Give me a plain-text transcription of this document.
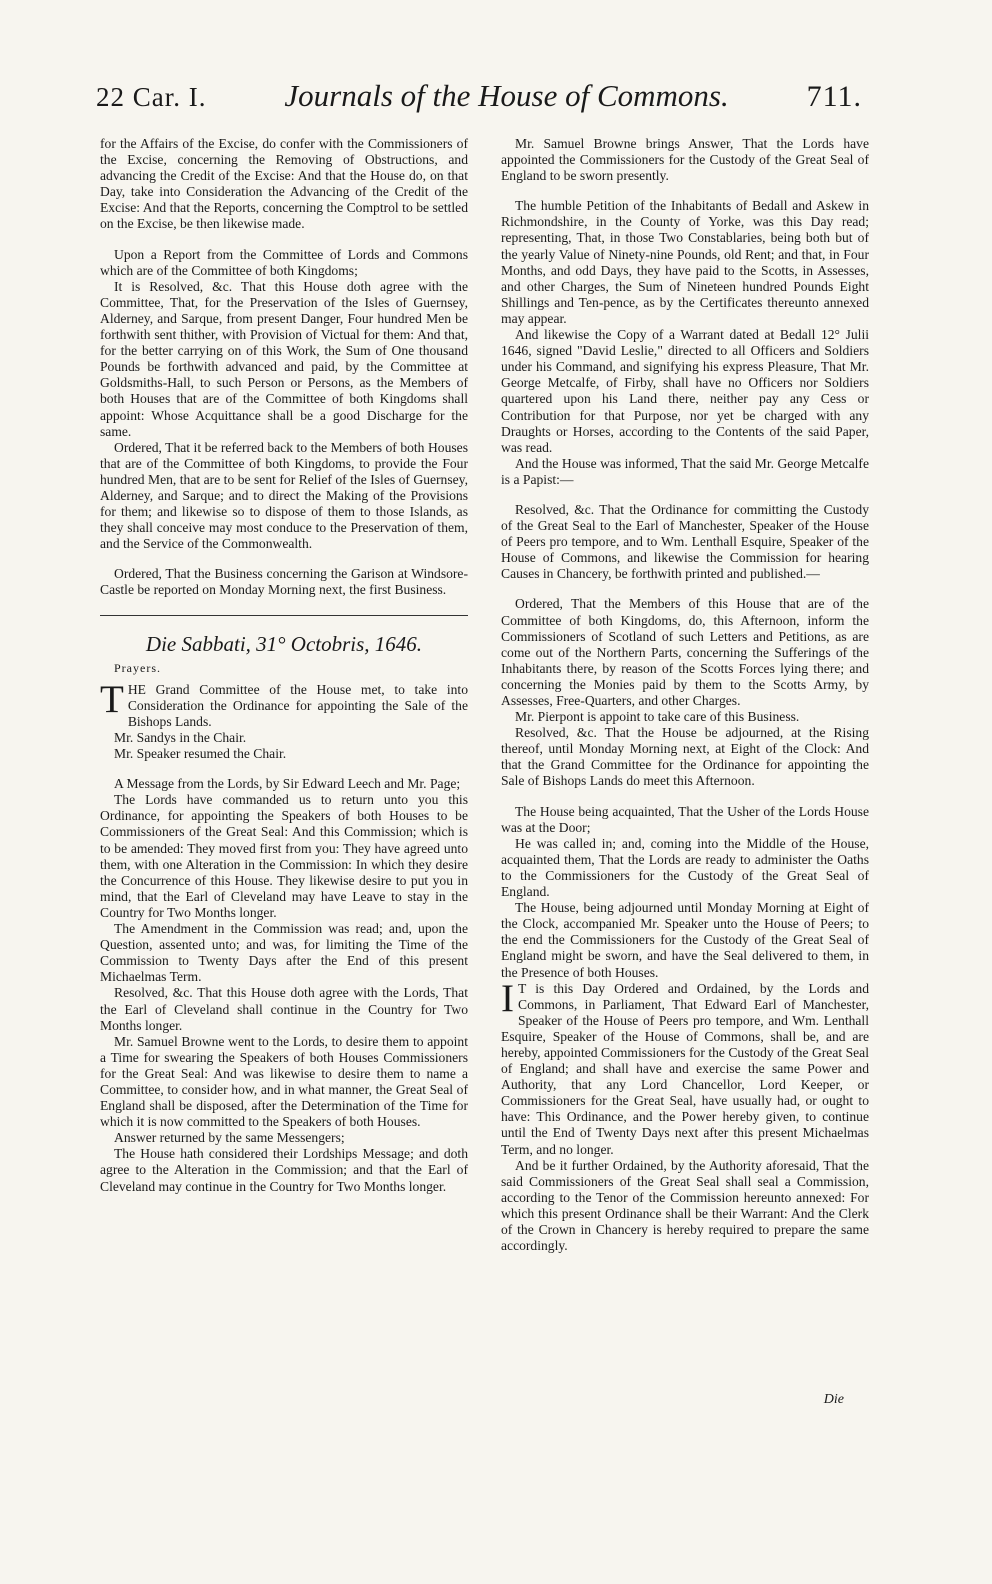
22 Car. I.	Journals of the House of Commons.	711.

for the Affairs of the Excise, do confer with the Commissioners of the Excise, concerning the Removing of Obstructions, and advancing the Credit of the Excise: And that the House do, on that Day, take into Consideration the Advancing of the Credit of the Excise: And that the Reports, concerning the Comptrol to be settled on the Excise, be then likewise made.

Upon a Report from the Committee of Lords and Commons which are of the Committee of both Kingdoms;

It is Resolved, &c. That this House doth agree with the Committee, That, for the Preservation of the Isles of Guernsey, Alderney, and Sarque, from present Danger, Four hundred Men be forthwith sent thither, with Provision of Victual for them: And that, for the better carrying on of this Work, the Sum of One thousand Pounds be forthwith advanced and paid, by the Committee at Goldsmiths-Hall, to such Person or Persons, as the Members of both Houses that are of the Committee of both Kingdoms shall appoint: Whose Acquittance shall be a good Discharge for the same.

Ordered, That it be referred back to the Members of both Houses that are of the Committee of both Kingdoms, to provide the Four hundred Men, that are to be sent for Relief of the Isles of Guernsey, Alderney, and Sarque; and to direct the Making of the Provisions for them; and likewise so to dispose of them to those Islands, as they shall conceive may most conduce to the Preservation of them, and the Service of the Commonwealth.

Ordered, That the Business concerning the Garison at Windsore-Castle be reported on Monday Morning next, the first Business.

Die Sabbati, 31° Octobris, 1646.
Prayers.

THE Grand Committee of the House met, to take into Consideration the Ordinance for appointing the Sale of the Bishops Lands.

Mr. Sandys in the Chair.

Mr. Speaker resumed the Chair.

A Message from the Lords, by Sir Edward Leech and Mr. Page;

The Lords have commanded us to return unto you this Ordinance, for appointing the Speakers of both Houses to be Commissioners of the Great Seal: And this Commission; which is to be amended: They moved first from you: They have agreed unto them, with one Alteration in the Commission: In which they desire the Concurrence of this House. They likewise desire to put you in mind, that the Earl of Cleveland may have Leave to stay in the Country for Two Months longer.

The Amendment in the Commission was read; and, upon the Question, assented unto; and was, for limiting the Time of the Commission to Twenty Days after the End of this present Michaelmas Term.

Resolved, &c. That this House doth agree with the Lords, That the Earl of Cleveland shall continue in the Country for Two Months longer.

Mr. Samuel Browne went to the Lords, to desire them to appoint a Time for swearing the Speakers of both Houses Commissioners for the Great Seal: And was likewise to desire them to name a Committee, to consider how, and in what manner, the Great Seal of England shall be disposed, after the Determination of the Time for which it is now committed to the Speakers of both Houses.

Answer returned by the same Messengers;

The House hath considered their Lordships Message; and doth agree to the Alteration in the Commission; and that the Earl of Cleveland may continue in the Country for Two Months longer.

Mr. Samuel Browne brings Answer, That the Lords have appointed the Commissioners for the Custody of the Great Seal of England to be sworn presently.

The humble Petition of the Inhabitants of Bedall and Askew in Richmondshire, in the County of Yorke, was this Day read; representing, That, in those Two Constablaries, being both but of the yearly Value of Ninety-nine Pounds, old Rent; and that, in Four Months, and odd Days, they have paid to the Scotts, in Assesses, and other Charges, the Sum of Nineteen hundred Pounds Eight Shillings and Ten-pence, as by the Certificates thereunto annexed may appear.

And likewise the Copy of a Warrant dated at Bedall 12° Julii 1646, signed "David Leslie," directed to all Officers and Soldiers under his Command, and signifying his express Pleasure, That Mr. George Metcalfe, of Firby, shall have no Officers nor Soldiers quartered upon his Land there, neither pay any Cess or Contribution for that Purpose, nor yet be charged with any Draughts or Horses, according to the Contents of the said Paper, was read.

And the House was informed, That the said Mr. George Metcalfe is a Papist:—

Resolved, &c. That the Ordinance for committing the Custody of the Great Seal to the Earl of Manchester, Speaker of the House of Peers pro tempore, and to Wm. Lenthall Esquire, Speaker of the House of Commons, and likewise the Commission for hearing Causes in Chancery, be forthwith printed and published.—

Ordered, That the Members of this House that are of the Committee of both Kingdoms, do, this Afternoon, inform the Commissioners of Scotland of such Letters and Petitions, as are come out of the Northern Parts, concerning the Sufferings of the Inhabitants there, by reason of the Scotts Forces lying there; and concerning the Monies paid by them to the Scotts Army, by Assesses, Free-Quarters, and other Charges.

Mr. Pierpont is appoint to take care of this Business.

Resolved, &c. That the House be adjourned, at the Rising thereof, until Monday Morning next, at Eight of the Clock: And that the Grand Committee for the Ordinance for appointing the Sale of Bishops Lands do meet this Afternoon.

The House being acquainted, That the Usher of the Lords House was at the Door;

He was called in; and, coming into the Middle of the House, acquainted them, That the Lords are ready to administer the Oaths to the Commissioners for the Custody of the Great Seal of England.

The House, being adjourned until Monday Morning at Eight of the Clock, accompanied Mr. Speaker unto the House of Peers; to the end the Commissioners for the Custody of the Great Seal of England might be sworn, and have the Seal delivered to them, in the Presence of both Houses.

I T is this Day Ordered and Ordained, by the Lords and Commons, in Parliament, That Edward Earl of Manchester, Speaker of the House of Peers pro tempore, and Wm. Lenthall Esquire, Speaker of the House of Commons, shall be, and are hereby, appointed Commissioners for the Custody of the Great Seal of England; and shall have and exercise the same Power and Authority, that any Lord Chancellor, Lord Keeper, or Commissioners for the Great Seal, have usually had, or ought to have: This Ordinance, and the Power hereby given, to continue until the End of Twenty Days next after this present Michaelmas Term, and no longer.

And be it further Ordained, by the Authority aforesaid, That the said Commissioners of the Great Seal shall seal a Commission, according to the Tenor of the Commission hereunto annexed: For which this present Ordinance shall be their Warrant: And the Clerk of the Crown in Chancery is hereby required to prepare the same accordingly.

Die
